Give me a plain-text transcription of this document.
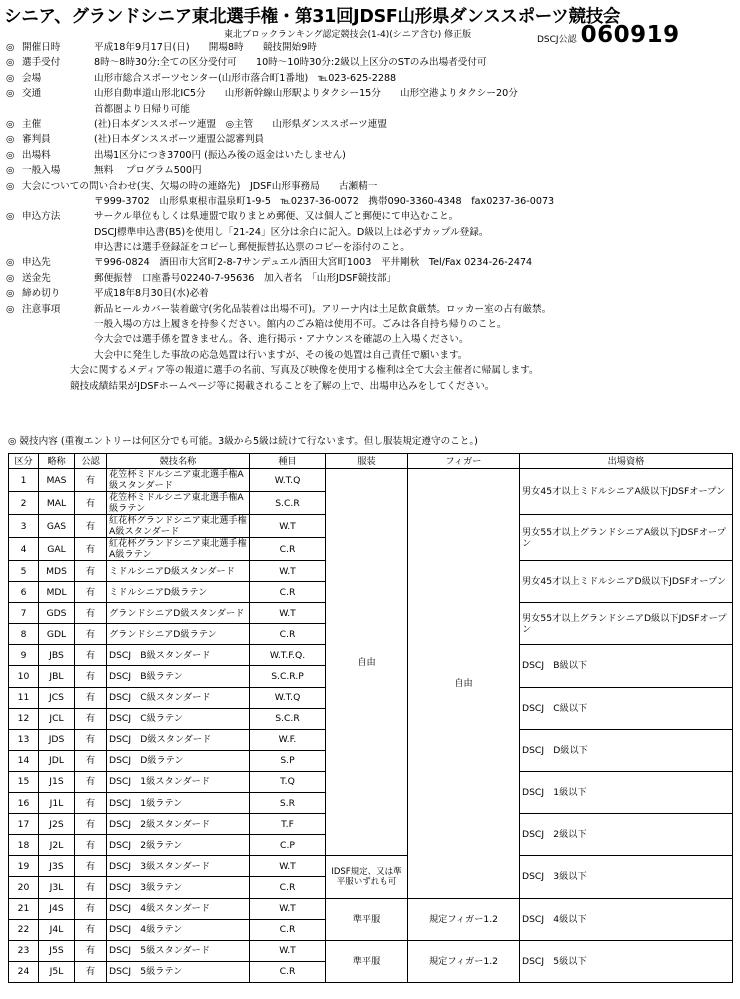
シニア、グランドシニア東北選手権・第31回JDSF山形県ダンススポーツ競技会
東北ブロックランキング認定競技会(1-4)(シニア含む) 修正版	DSCJ公認 060919
◎ 開催日時	平成18年9月17日(日)　　開場8時　　競技開始9時
◎ 選手受付	8時～8時30分:全ての区分受付可　　10時～10時30分:2級以上区分のSTのみ出場者受付可
◎ 会場	山形市総合スポーツセンター(山形市落合町1番地)　℡023-625-2288
◎ 交通	山形自動車道山形北IC5分　　山形新幹線山形駅よりタクシー15分　　山形空港よりタクシー20分
首都圏より日帰り可能
◎ 主催	(社)日本ダンススポーツ連盟　◎主管　　山形県ダンススポーツ連盟
◎ 審判員	(社)日本ダンススポーツ連盟公認審判員
◎ 出場料	出場1区分につき3700円 (振込み後の返金はいたしません)
◎ 一般入場	無料　 プログラム500円
◎ 大会についての問い合わせ(実、欠場の時の連絡先)　 JDSF山形事務局　　古瀬精一
〒999-3702　山形県東根市温泉町1-9-5　℡0237-36-0072　携帯090-3360-4348　fax0237-36-0073
◎ 申込方法	サークル単位もしくは県連盟で取りまとめ郵便、又は個人ごと郵便にて申込むこと。
DSCJ標準申込書(B5)を使用し「21-24」区分は余白に記入。D級以上は必ずカップル登録。
申込書には選手登録証をコピーし郵便振替払込票のコピーを添付のこと。
◎ 申込先	〒996-0824　酒田市大宮町2-8-7サンデュエル酒田大宮町1003　平井剛秋　Tel/Fax 0234-26-2474
◎ 送金先	郵便振替　口座番号02240-7-95636　加入者名　「山形JDSF競技部」
◎ 締め切り	平成18年8月30日(水)必着
◎ 注意事項	新品ヒールカバー装着厳守(劣化品装着は出場不可)。アリーナ内は土足飲食厳禁。ロッカー室の占有厳禁。
一般入場の方は上履きを持参ください。館内のごみ箱は使用不可。ごみは各自持ち帰りのこと。
今大会では選手係を置きません。各、進行掲示・アナウンスを確認の上入場ください。
大会中に発生した事故の応急処置は行いますが、その後の処置は自己責任で願います。
大会に関するメディア等の報道に選手の名前、写真及び映像を使用する権利は全て大会主催者に帰属します。
競技成績結果がJDSFホームページ等に掲載されることを了解の上で、出場申込みをしてください。
◎ 競技内容 (重複エントリーは何区分でも可能。3級から5級は続けて行ないます。但し服装規定遵守のこと。)
区分	略称	公認	競技名称	種目	服装	フィガー	出場資格
1	MAS	有	花笠杯ミドルシニア東北選手権A級スタンダード	W.T.Q	自由	自由	男女45才以上ミドルシニアA級以下JDSFオープン
2	MAL	有	花笠杯ミドルシニア東北選手権A級ラテン	S.C.R			
3	GAS	有	紅花杯グランドシニア東北選手権A級スタンダード	W.T			男女55才以上グランドシニアA級以下JDSFオープン
4	GAL	有	紅花杯グランドシニア東北選手権A級ラテン	C.R			
5	MDS	有	ミドルシニアD級スタンダード	W.T			男女45才以上ミドルシニアD級以下JDSFオープン
6	MDL	有	ミドルシニアD級ラテン	C.R			
7	GDS	有	グランドシニアD級スタンダード	W.T			男女55才以上グランドシニアD級以下JDSFオープン
8	GDL	有	グランドシニアD級ラテン	C.R			
9	JBS	有	DSCJ　B級スタンダード	W.T.F.Q.			DSCJ　B級以下
10	JBL	有	DSCJ　B級ラテン	S.C.R.P			
11	JCS	有	DSCJ　C級スタンダード	W.T.Q			DSCJ　C級以下
12	JCL	有	DSCJ　C級ラテン	S.C.R			
13	JDS	有	DSCJ　D級スタンダード	W.F.			DSCJ　D級以下
14	JDL	有	DSCJ　D級ラテン	S.P			
15	J1S	有	DSCJ　1級スタンダード	T.Q			DSCJ　1級以下
16	J1L	有	DSCJ　1級ラテン	S.R			
17	J2S	有	DSCJ　2級スタンダード	T.F			DSCJ　2級以下
18	J2L	有	DSCJ　2級ラテン	C.P			
19	J3S	有	DSCJ　3級スタンダード	W.T	IDSF規定、又は準平服いずれも可		DSCJ　3級以下
20	J3L	有	DSCJ　3級ラテン	C.R			
21	J4S	有	DSCJ　4級スタンダード	W.T	準平服	規定フィガー1.2	DSCJ　4級以下
22	J4L	有	DSCJ　4級ラテン	C.R			
23	J5S	有	DSCJ　5級スタンダード	W.T	準平服	規定フィガー1.2	DSCJ　5級以下
24	J5L	有	DSCJ　5級ラテン	C.R			
